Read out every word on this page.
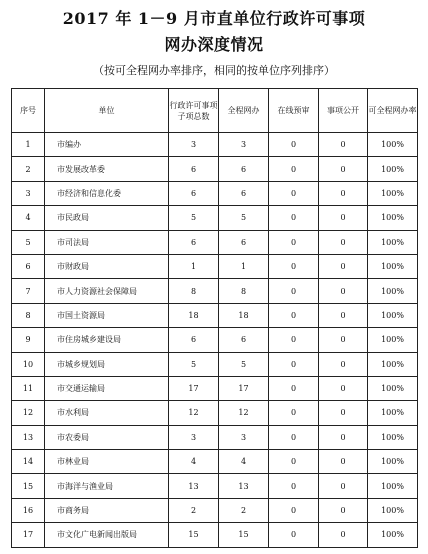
2017 年 1－9 月市直单位行政许可事项
网办深度情况
（按可全程网办率排序，相同的按单位序列排序）
序号	单位	行政许可事项子项总数	全程网办	在线预审	事项公开	可全程网办率
1	市编办	3	3	0	0	100%
2	市发展改革委	6	6	0	0	100%
3	市经济和信息化委	6	6	0	0	100%
4	市民政局	5	5	0	0	100%
5	市司法局	6	6	0	0	100%
6	市财政局	1	1	0	0	100%
7	市人力资源社会保障局	8	8	0	0	100%
8	市国土资源局	18	18	0	0	100%
9	市住房城乡建设局	6	6	0	0	100%
10	市城乡规划局	5	5	0	0	100%
11	市交通运输局	17	17	0	0	100%
12	市水利局	12	12	0	0	100%
13	市农委局	3	3	0	0	100%
14	市林业局	4	4	0	0	100%
15	市海洋与渔业局	13	13	0	0	100%
16	市商务局	2	2	0	0	100%
17	市文化广电新闻出版局	15	15	0	0	100%
